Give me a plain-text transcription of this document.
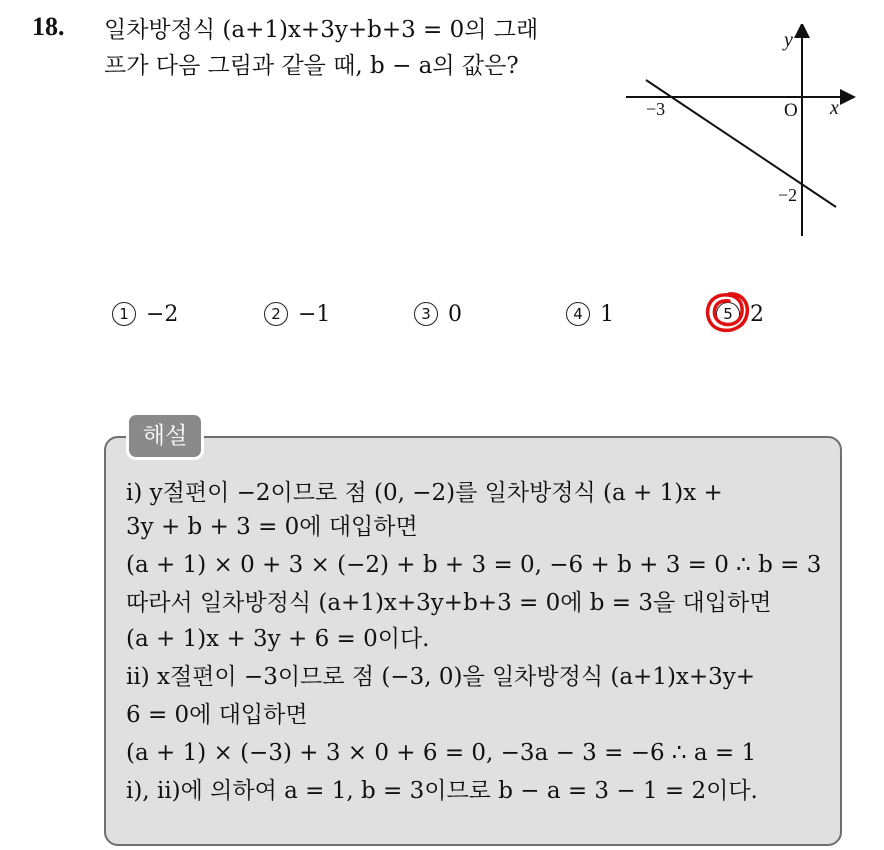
18. 일차방정식 (a+1)x+3y+b+3 = 0의 그래
프가 다음 그림과 같을 때, b − a의 값은?
y
x
O
−3
−2
1 −2	2 −1	3 0	4 1	5 2
해설
ⅰ) y절편이 −2이므로 점 (0, −2)를 일차방정식 (a + 1)x +
3y + b + 3 = 0에 대입하면
(a + 1) × 0 + 3 × (−2) + b + 3 = 0, −6 + b + 3 = 0 ∴ b = 3
따라서 일차방정식 (a+1)x+3y+b+3 = 0에 b = 3을 대입하면
(a + 1)x + 3y + 6 = 0이다.
ⅱ) x절편이 −3이므로 점 (−3, 0)을 일차방정식 (a+1)x+3y+
6 = 0에 대입하면
(a + 1) × (−3) + 3 × 0 + 6 = 0, −3a − 3 = −6 ∴ a = 1
ⅰ), ⅱ)에 의하여 a = 1, b = 3이므로 b − a = 3 − 1 = 2이다.
